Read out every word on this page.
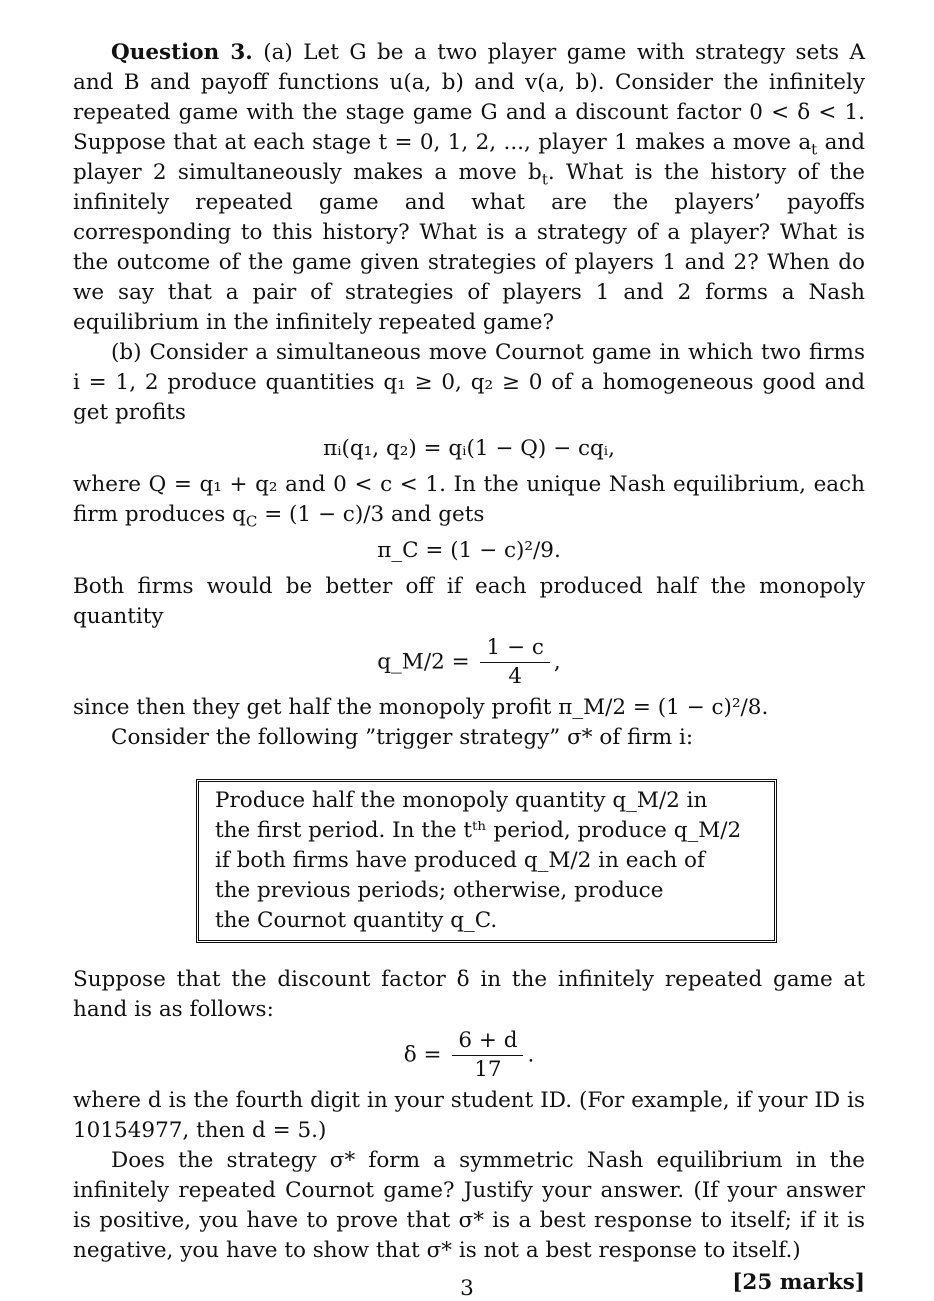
Question 3. (a) Let G be a two player game with strategy sets A and B and payoff functions u(a, b) and v(a, b). Consider the infinitely repeated game with the stage game G and a discount factor 0 < δ < 1. Suppose that at each stage t = 0, 1, 2, ..., player 1 makes a move $a_t$ and player 2 simultaneously makes a move $b_t$. What is the history of the infinitely repeated game and what are the players’ payoffs corresponding to this history? What is a strategy of a player? What is the outcome of the game given strategies of players 1 and 2? When do we say that a pair of strategies of players 1 and 2 forms a Nash equilibrium in the infinitely repeated game?

(b) Consider a simultaneous move Cournot game in which two firms i = 1, 2 produce quantities q₁ ≥ 0, q₂ ≥ 0 of a homogeneous good and get profits

πᵢ(q₁, q₂) = qᵢ(1 − Q) − cqᵢ,

where Q = q₁ + q₂ and 0 < c < 1. In the unique Nash equilibrium, each firm produces $q_C = (1 - c)/3$ and gets

π_C = (1 − c)²/9.

Both firms would be better off if each produced half the monopoly quantity

q_M/2 = $\frac{1 - c}{4}$ ,

since then they get half the monopoly profit π_M/2 = (1 − c)²/8.

Consider the following ”trigger strategy” σ* of firm i:

Produce half the monopoly quantity q_M/2 in

the first period. In the tᵗʰ period, produce q_M/2

if both firms have produced q_M/2 in each of

the previous periods; otherwise, produce

the Cournot quantity q_C.

Suppose that the discount factor δ in the infinitely repeated game at hand is as follows:

$\delta = \frac{6 + d}{17}$ .

where d is the fourth digit in your student ID. (For example, if your ID is 10154977, then d = 5.)

Does the strategy σ* form a symmetric Nash equilibrium in the infinitely repeated Cournot game? Justify your answer. (If your answer is positive, you have to prove that σ* is a best response to itself; if it is negative, you have to show that σ* is not a best response to itself.)

[25 marks]

3
